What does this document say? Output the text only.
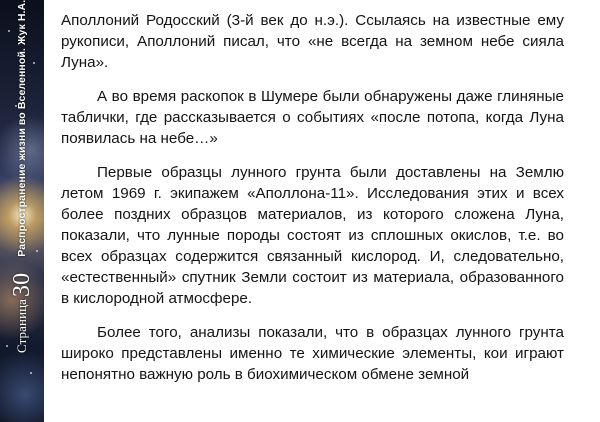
Страница30  Распространение жизни во Вселенной. Жук Н.А.	Аполлоний Родосский (3-й век до н.э.). Ссылаясь на известные ему рукописи, Аполлоний писал, что «не всегда на земном небе сияла Луна».

А во время раскопок в Шумере были обнаружены даже глиняные таблички, где рассказывается о событиях «после потопа, когда Луна появилась на небе…»

Первые образцы лунного грунта были доставлены на Землю летом 1969 г. экипажем «Аполлона-11». Исследования этих и всех более поздних образцов материалов, из которого сложена Луна, показали, что лунные породы состоят из сплошных окислов, т.е. во всех образцах содержится связанный кислород. И, следовательно, «естественный» спутник Земли состоит из материала, образованного в кислородной атмосфере.

Более того, анализы показали, что в образцах лунного грунта широко представлены именно те химические элементы, кои играют непонятно важную роль в биохимическом обмене земной
